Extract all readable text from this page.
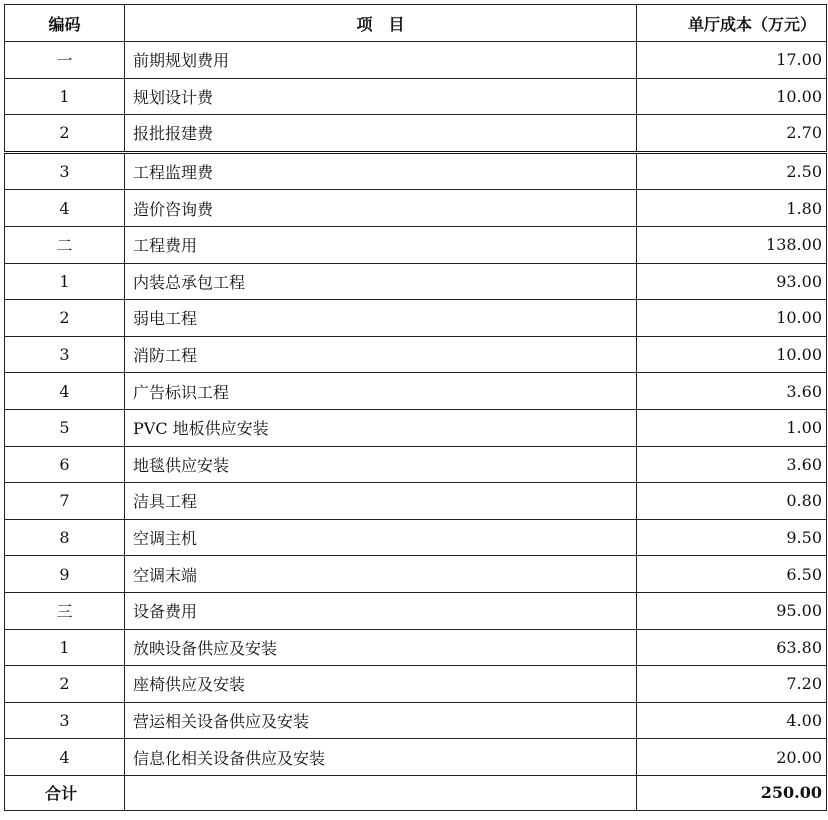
编码	项　目	单厅成本（万元）
一	前期规划费用	17.00
1	规划设计费	10.00
2	报批报建费	2.70
3	工程监理费	2.50
4	造价咨询费	1.80
二	工程费用	138.00
1	内装总承包工程	93.00
2	弱电工程	10.00
3	消防工程	10.00
4	广告标识工程	3.60
5	PVC 地板供应安装	1.00
6	地毯供应安装	3.60
7	洁具工程	0.80
8	空调主机	9.50
9	空调末端	6.50
三	设备费用	95.00
1	放映设备供应及安装	63.80
2	座椅供应及安装	7.20
3	营运相关设备供应及安装	4.00
4	信息化相关设备供应及安装	20.00
合计		250.00
